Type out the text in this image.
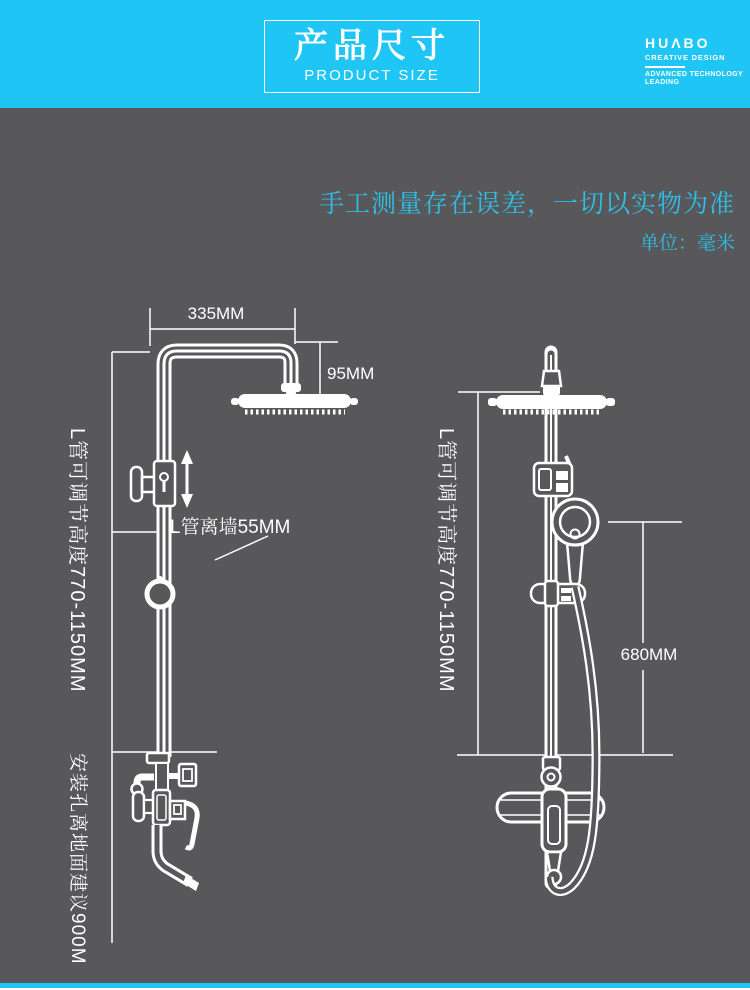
产品尺寸
PRODUCT SIZE
HUΛBO
CREATIVE DESIGN
ADVANCED TECHNOLOGY
LEADING
手工测量存在误差，一切以实物为准
单位：毫米
335MM
95MM
L管离墙55MM
L管可调节高度770-1150MM
安装孔离地面建议900M
L管可调节高度770-1150MM	680MM
